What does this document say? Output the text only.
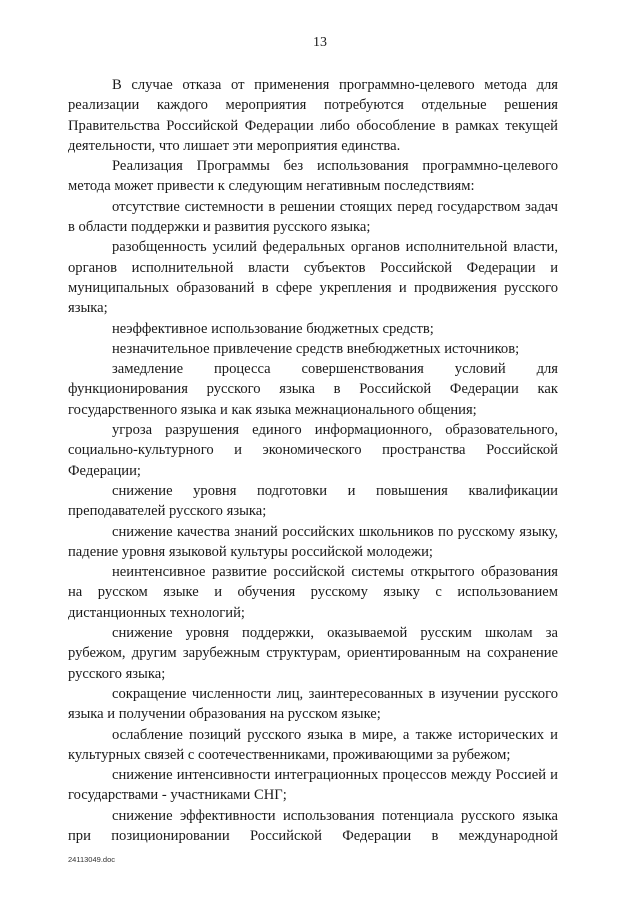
13

В случае отказа от применения программно-целевого метода для реализации каждого мероприятия потребуются отдельные решения Правительства Российской Федерации либо обособление в рамках текущей деятельности, что лишает эти мероприятия единства.

Реализация Программы без использования программно-целевого метода может привести к следующим негативным последствиям:

отсутствие системности в решении стоящих перед государством задач в области поддержки и развития русского языка;

разобщенность усилий федеральных органов исполнительной власти, органов исполнительной власти субъектов Российской Федерации и муниципальных образований в сфере укрепления и продвижения русского языка;

неэффективное использование бюджетных средств;

незначительное привлечение средств внебюджетных источников;

замедление процесса совершенствования условий для функционирования русского языка в Российской Федерации как государственного языка и как языка межнационального общения;

угроза разрушения единого информационного, образовательного, социально-культурного и экономического пространства Российской Федерации;

снижение уровня подготовки и повышения квалификации преподавателей русского языка;

снижение качества знаний российских школьников по русскому языку, падение уровня языковой культуры российской молодежи;

неинтенсивное развитие российской системы открытого образования на русском языке и обучения русскому языку с использованием дистанционных технологий;

снижение уровня поддержки, оказываемой русским школам за рубежом, другим зарубежным структурам, ориентированным на сохранение русского языка;

сокращение численности лиц, заинтересованных в изучении русского языка и получении образования на русском языке;

ослабление позиций русского языка в мире, а также исторических и культурных связей с соотечественниками, проживающими за рубежом;

снижение интенсивности интеграционных процессов между Россией и государствами - участниками СНГ;

снижение эффективности использования потенциала русского языка при позиционировании Российской Федерации в международной

24113049.doc
